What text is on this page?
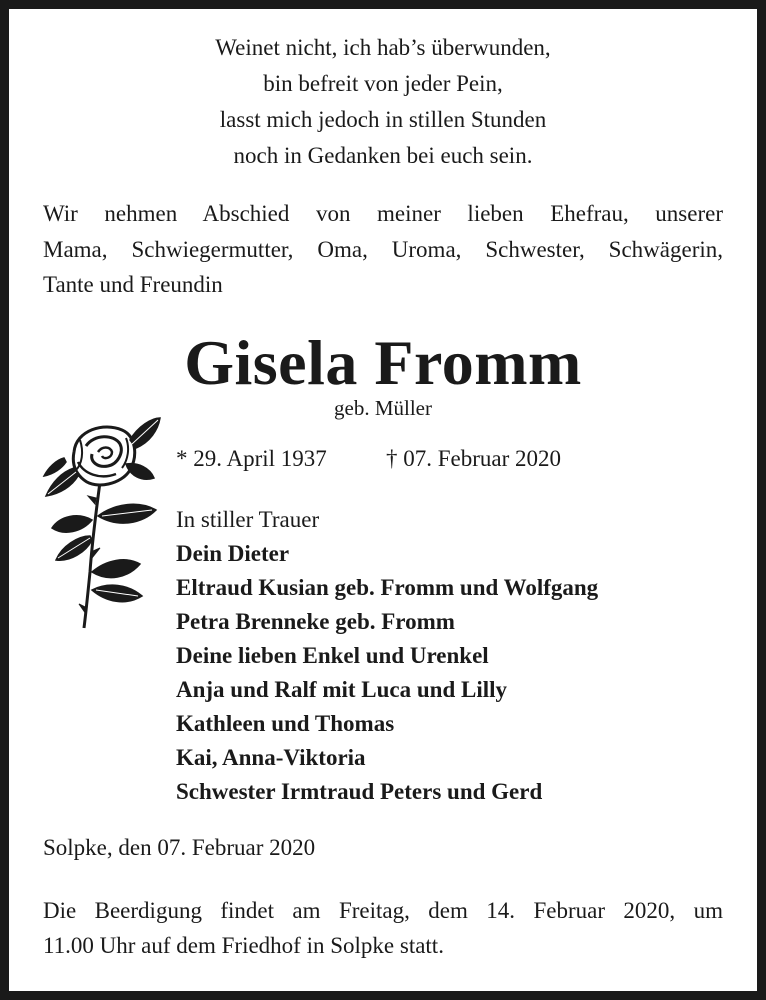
Weinet nicht, ich hab’s überwunden,
bin befreit von jeder Pein,
lasst mich jedoch in stillen Stunden
noch in Gedanken bei euch sein.
Wir nehmen Abschied von meiner lieben Ehefrau, unserer
Mama, Schwiegermutter, Oma, Uroma, Schwester, Schwägerin,
Tante und Freundin
Gisela Fromm
geb. Müller
* 29. April 1937	† 07. Februar 2020
In stiller Trauer
Dein Dieter
Eltraud Kusian geb. Fromm und Wolfgang
Petra Brenneke geb. Fromm
Deine lieben Enkel und Urenkel
Anja und Ralf mit Luca und Lilly
Kathleen und Thomas
Kai, Anna-Viktoria
Schwester Irmtraud Peters und Gerd
Solpke, den 07. Februar 2020
Die Beerdigung findet am Freitag, dem 14. Februar 2020, um
11.00 Uhr auf dem Friedhof in Solpke statt.
